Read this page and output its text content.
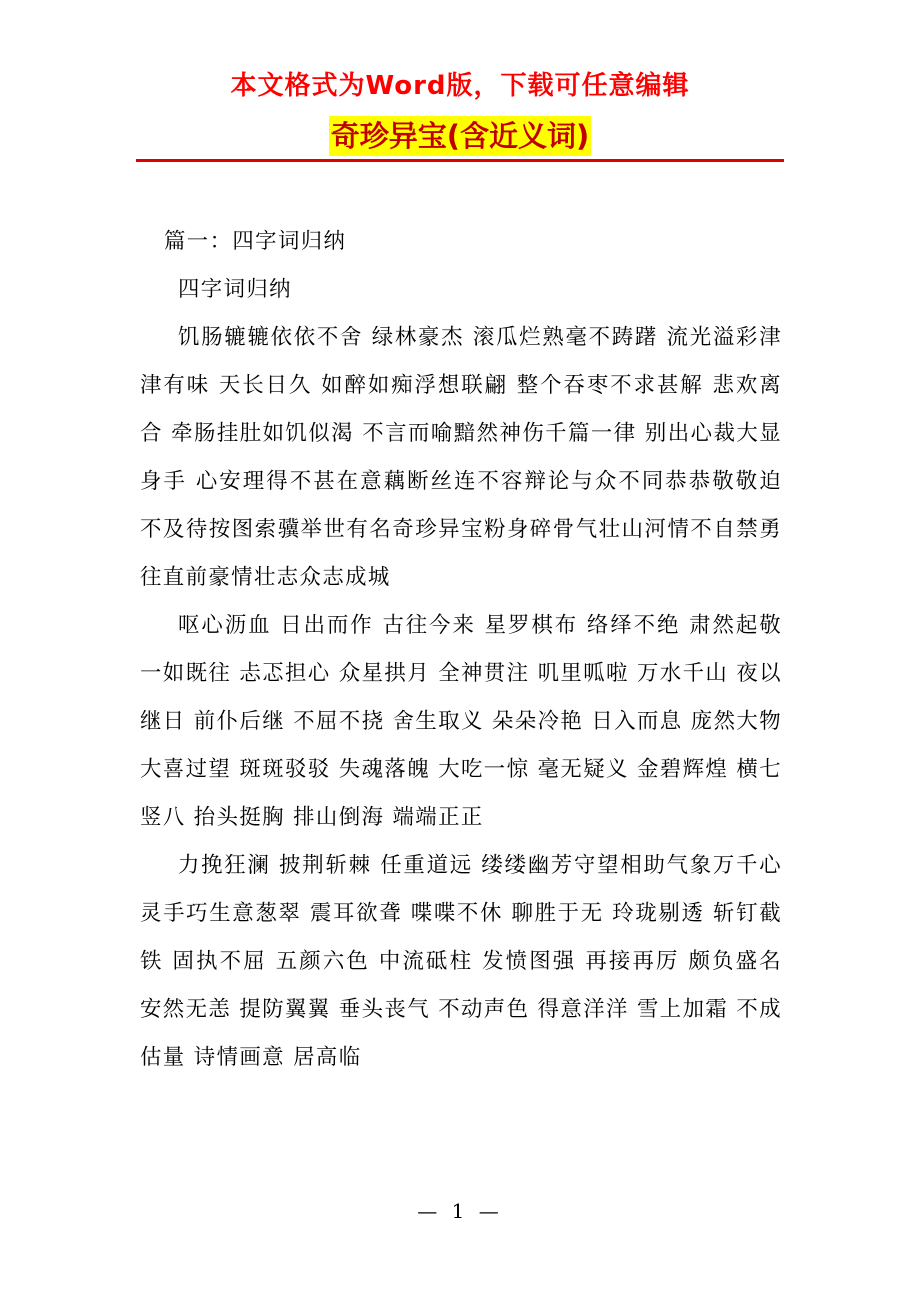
本文格式为Word版，下载可任意编辑
奇珍异宝(含近义词)

篇一：四字词归纳

四字词归纳

饥肠辘辘依依不舍 绿林豪杰 滚瓜烂熟毫不踌躇 流光溢彩津津有味 天长日久 如醉如痴浮想联翩 整个吞枣不求甚解 悲欢离合 牵肠挂肚如饥似渴 不言而喻黯然神伤千篇一律 别出心裁大显身手 心安理得不甚在意藕断丝连不容辩论与众不同恭恭敬敬迫不及待按图索骥举世有名奇珍异宝粉身碎骨气壮山河情不自禁勇往直前豪情壮志众志成城

呕心沥血 日出而作 古往今来 星罗棋布 络绎不绝 肃然起敬 一如既往 忐忑担心 众星拱月 全神贯注 叽里呱啦 万水千山 夜以继日 前仆后继 不屈不挠 舍生取义 朵朵冷艳 日入而息 庞然大物 大喜过望 斑斑驳驳 失魂落魄 大吃一惊 毫无疑义 金碧辉煌 横七竖八 抬头挺胸 排山倒海 端端正正

力挽狂澜 披荆斩棘 任重道远 缕缕幽芳守望相助气象万千心灵手巧生意葱翠 震耳欲聋 喋喋不休 聊胜于无 玲珑剔透 斩钉截铁 固执不屈 五颜六色 中流砥柱 发愤图强 再接再厉 颇负盛名 安然无恙 提防翼翼 垂头丧气 不动声色 得意洋洋 雪上加霜 不成估量 诗情画意 居高临

— 1 —
